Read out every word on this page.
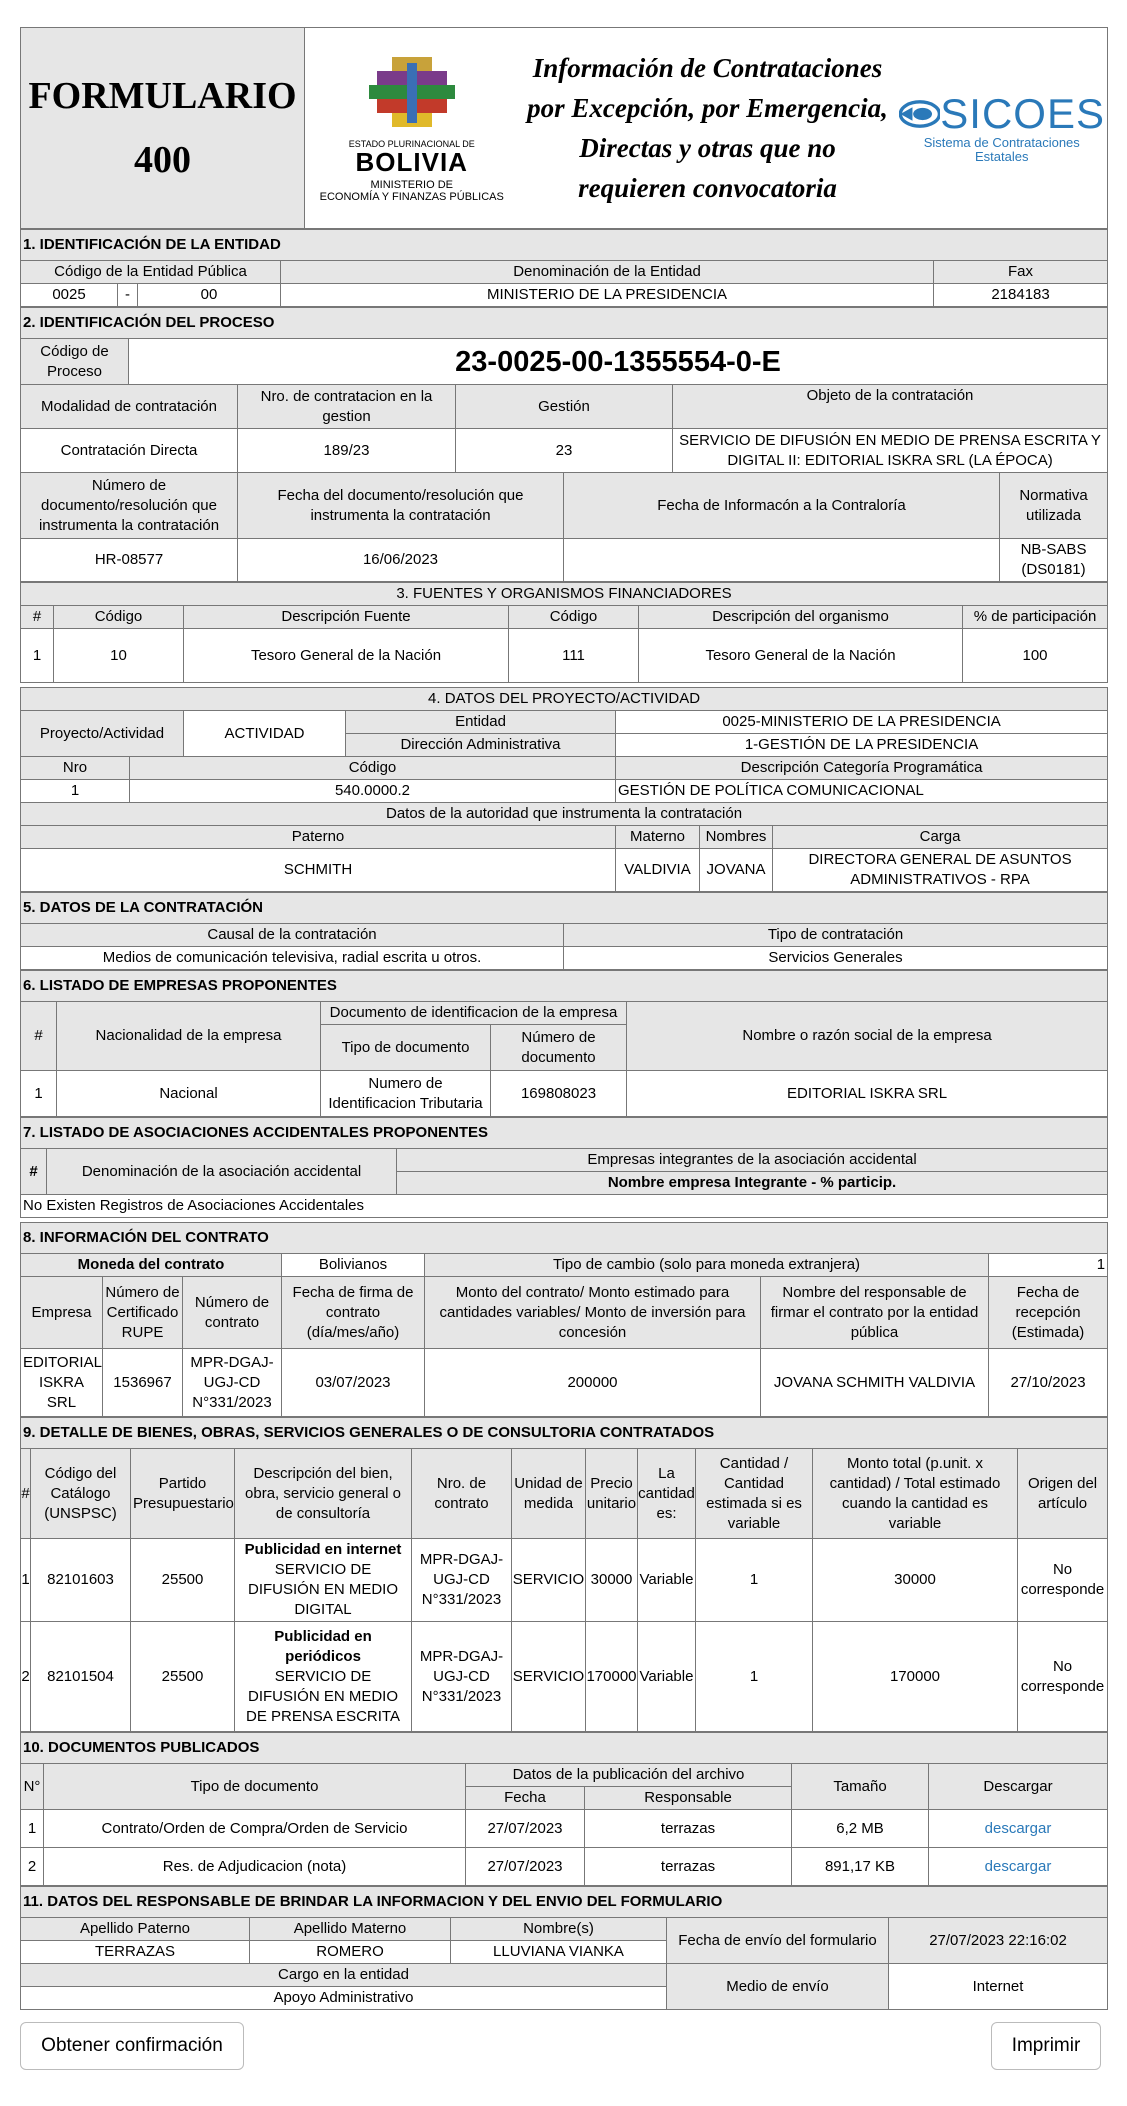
FORMULARIO
400	ESTADO PLURINACIONAL DE
BOLIVIA
MINISTERIO DE
ECONOMÍA Y FINANZAS PÚBLICAS
	Información de Contrataciones por Excepción, por Emergencia, Directas y otras que no requieren convocatoria	
SICOES
Sistema de Contrataciones Estatales
1. IDENTIFICACIÓN DE LA ENTIDAD				
Código de la Entidad Pública			Denominación de la Entidad	Fax
0025	-	00	MINISTERIO DE LA PRESIDENCIA	2184183
2. IDENTIFICACIÓN DEL PROCESO						
Código de Proceso	23-0025-00-1355554-0-E					
Modalidad de contratación		Nro. de contratacion en la gestion	Gestión		Objeto de la contratación	
Contratación Directa		189/23	23		SERVICIO DE DIFUSIÓN EN MEDIO DE PRENSA ESCRITA Y DIGITAL II: EDITORIAL ISKRA SRL (LA ÉPOCA)	
Número de documento/resolución que instrumenta la contratación		Fecha del documento/resolución que instrumenta la contratación		Fecha de Informacón a la Contraloría		Normativa utilizada
HR-08577		16/06/2023				NB-SABS (DS0181)
3. FUENTES Y ORGANISMOS FINANCIADORES					
#	Código	Descripción Fuente	Código	Descripción del organismo	% de participación
1	10	Tesoro General de la Nación	111	Tesoro General de la Nación	100
4. DATOS DEL PROYECTO/ACTIVIDAD						
Proyecto/Actividad		ACTIVIDAD	Entidad	0025-MINISTERIO DE LA PRESIDENCIA		
			Dirección Administrativa	1-GESTIÓN DE LA PRESIDENCIA		
Nro	Código			Descripción Categoría Programática		
1	540.0000.2			GESTIÓN DE POLÍTICA COMUNICACIONAL		
Datos de la autoridad que instrumenta la contratación						
Paterno				Materno	Nombres	Carga
SCHMITH				VALDIVIA	JOVANA	DIRECTORA GENERAL DE ASUNTOS ADMINISTRATIVOS - RPA
5. DATOS DE LA CONTRATACIÓN	
Causal de la contratación	Tipo de contratación
Medios de comunicación televisiva, radial escrita u otros.	Servicios Generales
6. LISTADO DE EMPRESAS PROPONENTES				
#	Nacionalidad de la empresa	Documento de identificacion de la empresa		Nombre o razón social de la empresa
		Tipo de documento	Número de documento	
1	Nacional	Numero de Identificacion Tributaria	169808023	EDITORIAL ISKRA SRL
7. LISTADO DE ASOCIACIONES ACCIDENTALES PROPONENTES
#	Denominación de la asociación accidental	Empresas integrantes de la asociación accidental
Nombre empresa Integrante - % particip.
No Existen Registros de Asociaciones Accidentales
8. INFORMACIÓN DEL CONTRATO						
Moneda del contrato			Bolivianos	Tipo de cambio (solo para moneda extranjera)		1
Empresa	Número de Certificado RUPE	Número de contrato	Fecha de firma de contrato (día/mes/año)	Monto del contrato/ Monto estimado para cantidades variables/ Monto de inversión para concesión	Nombre del responsable de firmar el contrato por la entidad pública	Fecha de recepción (Estimada)
EDITORIAL ISKRA SRL	1536967	MPR-DGAJ-UGJ-CD N°331/2023	03/07/2023	200000	JOVANA SCHMITH VALDIVIA	27/10/2023
9. DETALLE DE BIENES, OBRAS, SERVICIOS GENERALES O DE CONSULTORIA CONTRATADOS										
#	Código del Catálogo (UNSPSC)	Partido Presupuestario	Descripción del bien, obra, servicio general o de consultoría	Nro. de contrato	Unidad de medida	Precio unitario	La cantidad es:	Cantidad / Cantidad estimada si es variable	Monto total (p.unit. x cantidad) / Total estimado cuando la cantidad es variable	Origen del artículo
1	82101603	25500	Publicidad en internet
SERVICIO DE DIFUSIÓN EN MEDIO DIGITAL	MPR-DGAJ-UGJ-CD N°331/2023	SERVICIO	30000	Variable	1	30000	No corresponde
2	82101504	25500	Publicidad en periódicos
SERVICIO DE DIFUSIÓN EN MEDIO DE PRENSA ESCRITA	MPR-DGAJ-UGJ-CD N°331/2023	SERVICIO	170000	Variable	1	170000	No corresponde
10. DOCUMENTOS PUBLICADOS					
N°	Tipo de documento	Datos de la publicación del archivo		Tamaño	Descargar
		Fecha	Responsable		
1	Contrato/Orden de Compra/Orden de Servicio	27/07/2023	terrazas	6,2 MB	descargar
2	Res. de Adjudicacion (nota)	27/07/2023	terrazas	891,17 KB	descargar
11. DATOS DEL RESPONSABLE DE BRINDAR LA INFORMACION Y DEL ENVIO DEL FORMULARIO				
Apellido Paterno	Apellido Materno	Nombre(s)	Fecha de envío del formulario	27/07/2023 22:16:02
TERRAZAS	ROMERO	LLUVIANA VIANKA		
Cargo en la entidad			Medio de envío	Internet
Apoyo Administrativo				
Obtener confirmación	Imprimir
